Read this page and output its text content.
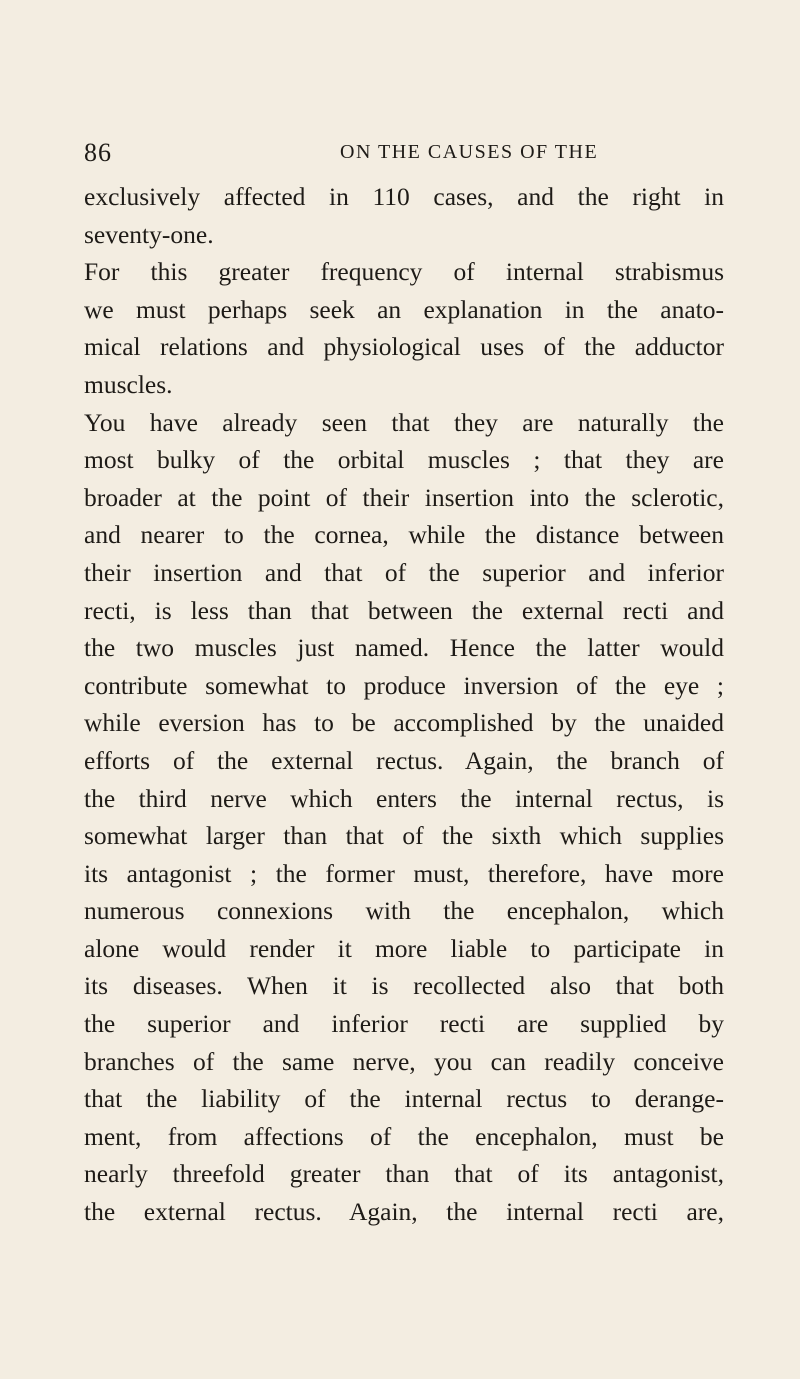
86	ON THE CAUSES OF THE
exclusively affected in 110 cases, and the right in
seventy-one.
For this greater frequency of internal strabismus
we must perhaps seek an explanation in the anato-
mical relations and physiological uses of the adductor
muscles.
You have already seen that they are naturally the
most bulky of the orbital muscles ; that they are
broader at the point of their insertion into the sclerotic,
and nearer to the cornea, while the distance between
their insertion and that of the superior and inferior
recti, is less than that between the external recti and
the two muscles just named. Hence the latter would
contribute somewhat to produce inversion of the eye ;
while eversion has to be accomplished by the unaided
efforts of the external rectus. Again, the branch of
the third nerve which enters the internal rectus, is
somewhat larger than that of the sixth which supplies
its antagonist ; the former must, therefore, have more
numerous connexions with the encephalon, which
alone would render it more liable to participate in
its diseases. When it is recollected also that both
the superior and inferior recti are supplied by
branches of the same nerve, you can readily conceive
that the liability of the internal rectus to derange-
ment, from affections of the encephalon, must be
nearly threefold greater than that of its antagonist,
the external rectus. Again, the internal recti are,
